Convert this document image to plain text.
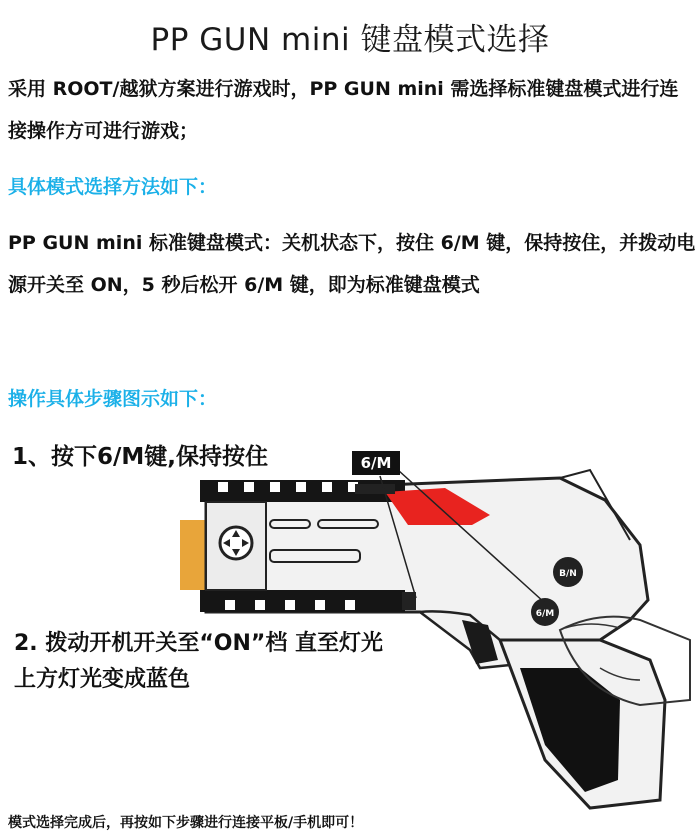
PP GUN mini 键盘模式选择

采用 ROOT/越狱方案进行游戏时，PP GUN mini 需选择标准键盘模式进行连接操作方可进行游戏；

具体模式选择方法如下：

PP GUN mini 标准键盘模式：关机状态下，按住 6/M 键，保持按住，并拨动电源开关至 ON，5 秒后松开 6/M 键，即为标准键盘模式

操作具体步骤图示如下：
B/N
6/M
1、按下6/M键,保持按住	6/M
2. 拨动开机开关至“ON”档 直至灯光上方灯光变成蓝色
模式选择完成后，再按如下步骤进行连接平板/手机即可！
